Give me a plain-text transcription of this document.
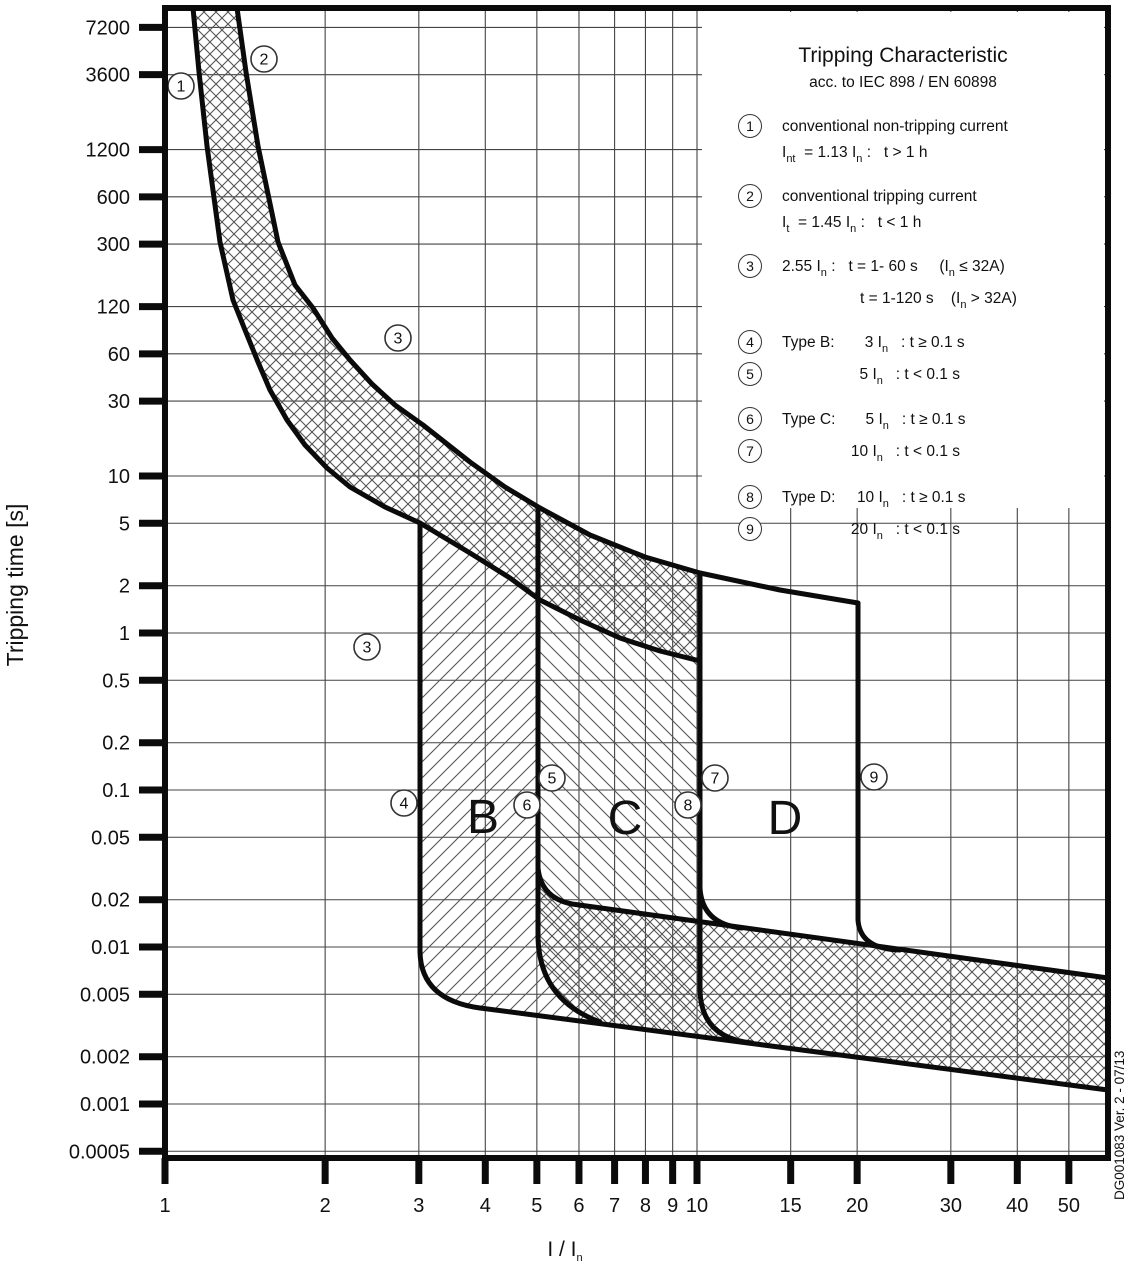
B C	D
1
2
3
3
4
5
6
7
8
9
7200
3600
1200
600
300
120
60
30
10
5
2
1
0.5
0.2
0.1
0.05
0.02
0.01
0.005
0.002
0.001
0.0005
1	2	3	4 5 6 7 8 9 10	15 20	30 40 50
Tripping time [s]
I / $I_n$
Tripping Characteristic
acc. to IEC 898 / EN 60898
1	conventional non-tripping current
$I_{nt} = 1.13$ $I_n$ :   t > 1 h
2	conventional tripping current
$I_t = 1.45$ $I_n$ :   t < 1 h
3	2.55 $I_n$ :   t = 1- 60 s     $(I_n \le 32A)$
t = 1-120 s    $(I_n > 32A)$
4	Type B:       3 $I_n$   : t ≥ 0.1 s
5	5 $I_n$   : t < 0.1 s
6	Type C:       5 $I_n$   : t ≥ 0.1 s
7	10 $I_n$   : t < 0.1 s
8	Type D:     10 $I_n$   : t ≥ 0.1 s
9	20 $I_n$   : t < 0.1 s
DG001083 Ver. 2 - 07/13
